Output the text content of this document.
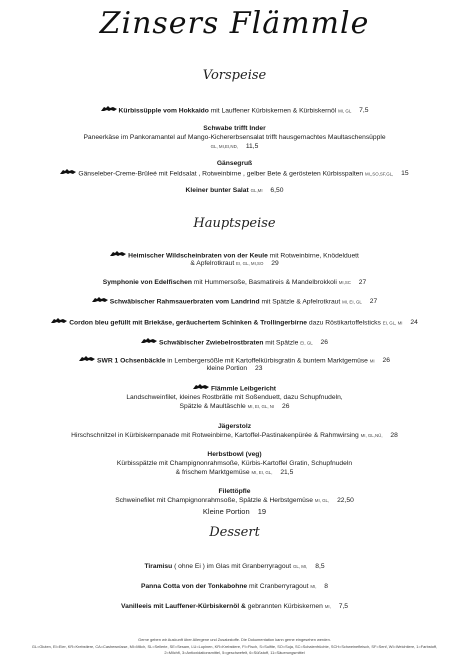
Zinsers Flämmle
Vorspeise
Kürbissüpple vom Hokkaido mit Lauffener Kürbiskernen & Kürbiskernöl MI, GL 7,5
Schwabe trifft Inder
Paneerkäse im Pankoramantel auf Mango-Kichererbsensalat trifft hausgemachtes Maultaschensüpple
GL, MI,EI,ND, 11,5
Gänsegruß
Gänseleber-Creme-Brûleé mit Feldsalat , Rotweinbirne , gelber Bete & gerösteten Kürbisspalten MI,,SO,SF,GL, 15
Kleiner bunter Salat GL,MI 6,50
Hauptspeise
Heimischer Wildscheinbraten von der Keule mit Rotweinbirne, Knödelduett
& Apfelrotkraut EI, GL, MI,SO 29
Symphonie von Edelfischen mit Hummersoße, Basmatireis & Mandelbrokkoli MI,SC 27
Schwäbischer Rahmsauerbraten vom Landrind mit Spätzle & Apfelrotkraut MI, EI, GL 27
Cordon bleu gefüllt mit Briekäse, geräuchertem Schinken & Trollingerbirne dazu Röstikartoffelsticks EI, GL, MI 24
Schwäbischer Zwiebelrostbraten mit Spätzle EI, GL 26
SWR 1 Ochsenbäckle in Lembergersößle mit Kartoffelkürbisgratin & buntem Marktgemüse MI 26
kleine Portion 23
Flämmle Leibgericht
Landschweinfilet, kleines Rostbrätle mit Soßenduett, dazu Schupfnudeln,
Spätzle & Maultäschle MI, EI, GL, NI 26
Jägerstolz
Hirschschnitzel in Kürbiskernpanade mit Rotweinbirne, Kartoffel-Pastinakenpürée & Rahmwirsing MI, GL,NÜ, 28
Herbstbowl (veg)
Kürbisspätzle mit Champignonrahmsoße, Kürbis-Kartoffel Gratin, Schupfnudeln
& frischem Marktgemüse MI, EI, GL, 21,5
Filettöpfle
Schweinefilet mit Champignonrahmsoße, Spätzle & Herbstgemüse MI, GL, 22,50
Kleine Portion 19
Dessert
Tiramisu ( ohne Ei ) im Glas mit Granberryragout GL, MI, 8,5
Panna Cotta von der Tonkabohne mit Cranberryragout MI, 8
Vanilleeis mit Lauffener-Kürbiskernöl & gebrannten Kürbiskernen MI, 7,5
Gerne geben wir Auskunft über Allergene und Zusatzstoffe. Die Dokumentation kann gerne eingesehen werden.
GL=Gluten, EI=Eier, KR=Krebstiere, CA=Cashewnüsse, MI=Milch, SL=Sellerie, SE=Sesam, LU=Lupinen, KR=Krebstiere, FI=Fisch, S=Sulfite, SO=Soja, SC=Schalenfrüchte, SCH=Schweinefleisch, SF=Senf, WI=Weichtiere, 1=Farbstoff,
2=Milchfl, 3=Antioxidationsmittel, 5=geschwefelt, 6=Süßstoff, 11=Säuerungsmittel
